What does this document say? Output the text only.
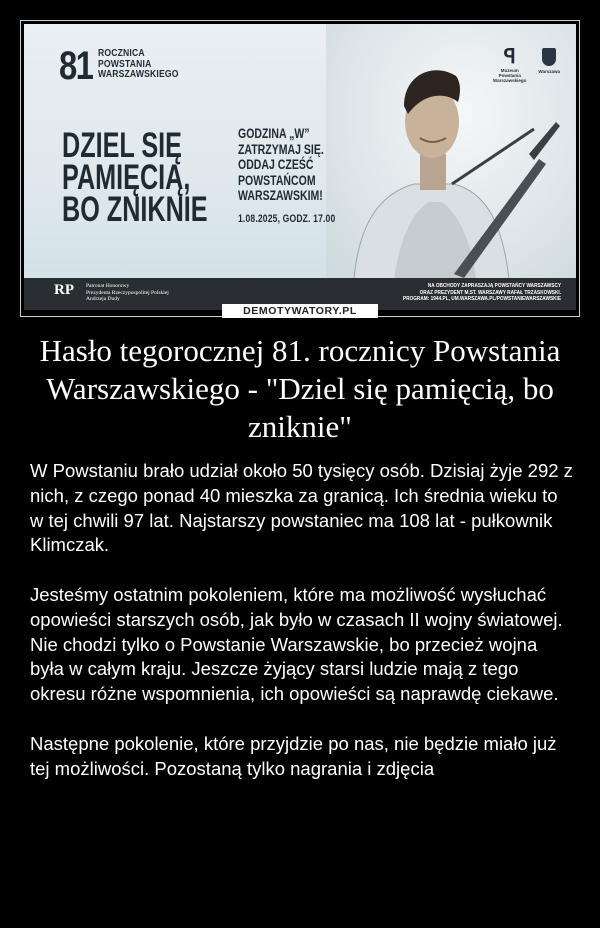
81 ROCZNICA
POWSTANIA
WARSZAWSKIEGO
DZIEL SIĘ
PAMIĘCIĄ,
BO ZNIKNIE
GODZINA „W”
ZATRZYMAJ SIĘ.
ODDAJ CZEŚĆ
POWSTAŃCOM
WARSZAWSKIM!
1.08.2025, GODZ. 17.00
ꟼ
Muzeum
Powstania
Warszawskiego
Warszawa
RP Patronat Honorowy
Prezydenta Rzeczypospolitej Polskiej
Andrzeja Dudy
NA OBCHODY ZAPRASZAJĄ POWSTAŃCY WARSZAWSCY
ORAZ PREZYDENT M.ST. WARSZAWY RAFAŁ TRZASKOWSKI.
PROGRAM: 1944.PL, UM.WARSZAWA.PL/POWSTANIEWARSZAWSKIE
DEMOTYWATORY.PL
Hasło tegorocznej 81. rocznicy Powstania Warszawskiego - "Dziel się pamięcią, bo zniknie"

W Powstaniu brało udział około 50 tysięcy osób. Dzisiaj żyje 292 z nich, z czego ponad 40 mieszka za granicą. Ich średnia wieku to w tej chwili 97 lat. Najstarszy powstaniec ma 108 lat - pułkownik Klimczak.

Jesteśmy ostatnim pokoleniem, które ma możliwość wysłuchać opowieści starszych osób, jak było w czasach II wojny światowej. Nie chodzi tylko o Powstanie Warszawskie, bo przecież wojna była w całym kraju. Jeszcze żyjący starsi ludzie mają z tego okresu różne wspomnienia, ich opowieści są naprawdę ciekawe.

Następne pokolenie, które przyjdzie po nas, nie będzie miało już tej możliwości. Pozostaną tylko nagrania i zdjęcia
